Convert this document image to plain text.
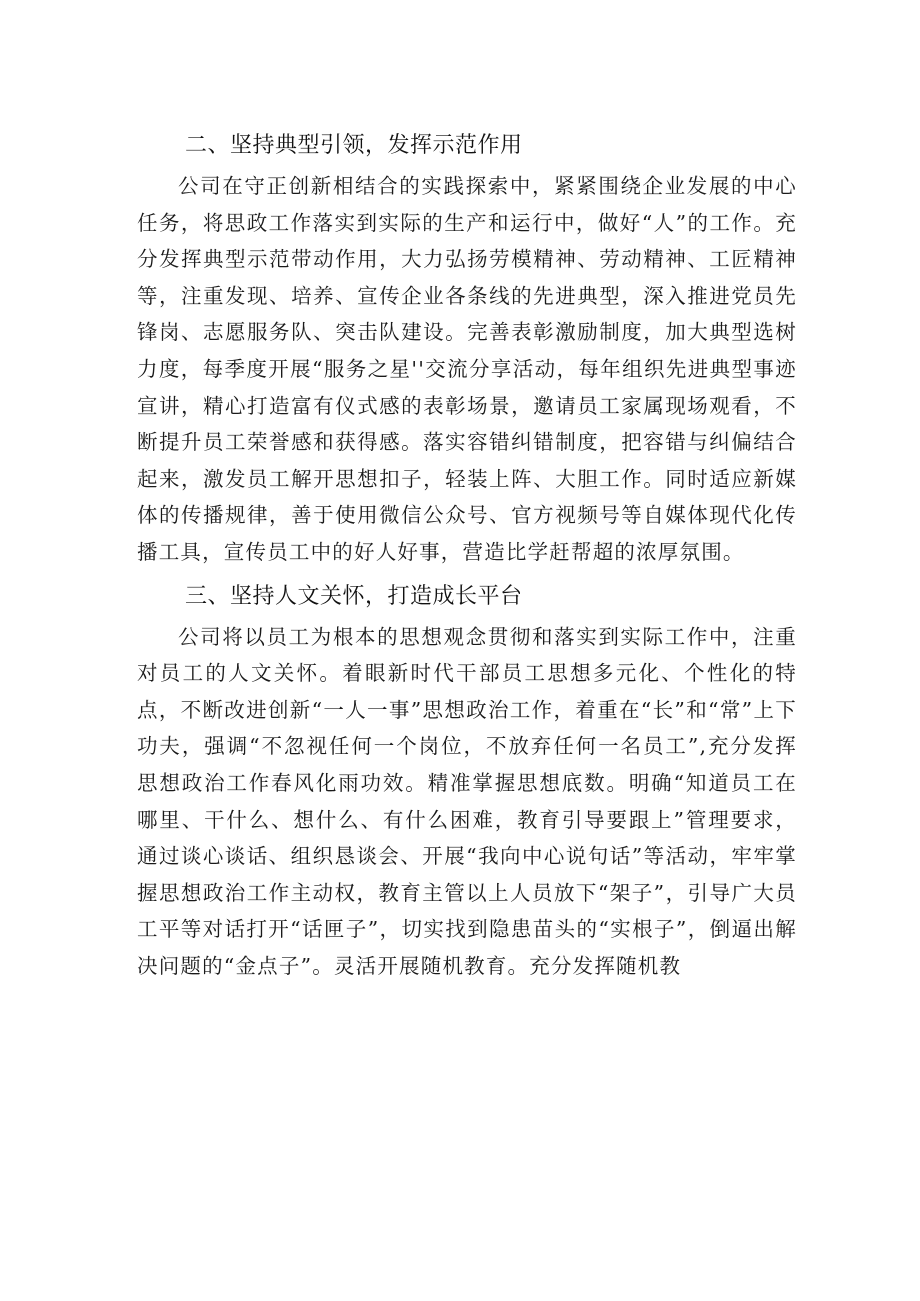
二、坚持典型引领，发挥示范作用

公司在守正创新相结合的实践探索中，紧紧围绕企业发展的中心任务，将思政工作落实到实际的生产和运行中，做好“人”的工作。充分发挥典型示范带动作用，大力弘扬劳模精神、劳动精神、工匠精神等，注重发现、培养、宣传企业各条线的先进典型，深入推进党员先锋岗、志愿服务队、突击队建设。完善表彰激励制度，加大典型选树力度，每季度开展“服务之星''交流分享活动，每年组织先进典型事迹宣讲，精心打造富有仪式感的表彰场景，邀请员工家属现场观看，不断提升员工荣誉感和获得感。落实容错纠错制度，把容错与纠偏结合起来，激发员工解开思想扣子，轻装上阵、大胆工作。同时适应新媒体的传播规律，善于使用微信公众号、官方视频号等自媒体现代化传播工具，宣传员工中的好人好事，营造比学赶帮超的浓厚氛围。

三、坚持人文关怀，打造成长平台

公司将以员工为根本的思想观念贯彻和落实到实际工作中，注重对员工的人文关怀。着眼新时代干部员工思想多元化、个性化的特点，不断改进创新“一人一事”思想政治工作，着重在“长”和“常”上下功夫，强调“不忽视任何一个岗位，不放弃任何一名员工”,充分发挥思想政治工作春风化雨功效。精准掌握思想底数。明确“知道员工在哪里、干什么、想什么、有什么困难，教育引导要跟上”管理要求，通过谈心谈话、组织恳谈会、开展“我向中心说句话”等活动，牢牢掌握思想政治工作主动权，教育主管以上人员放下“架子”，引导广大员工平等对话打开“话匣子”，切实找到隐患苗头的“实根子”，倒逼出解决问题的“金点子”。灵活开展随机教育。充分发挥随机教
